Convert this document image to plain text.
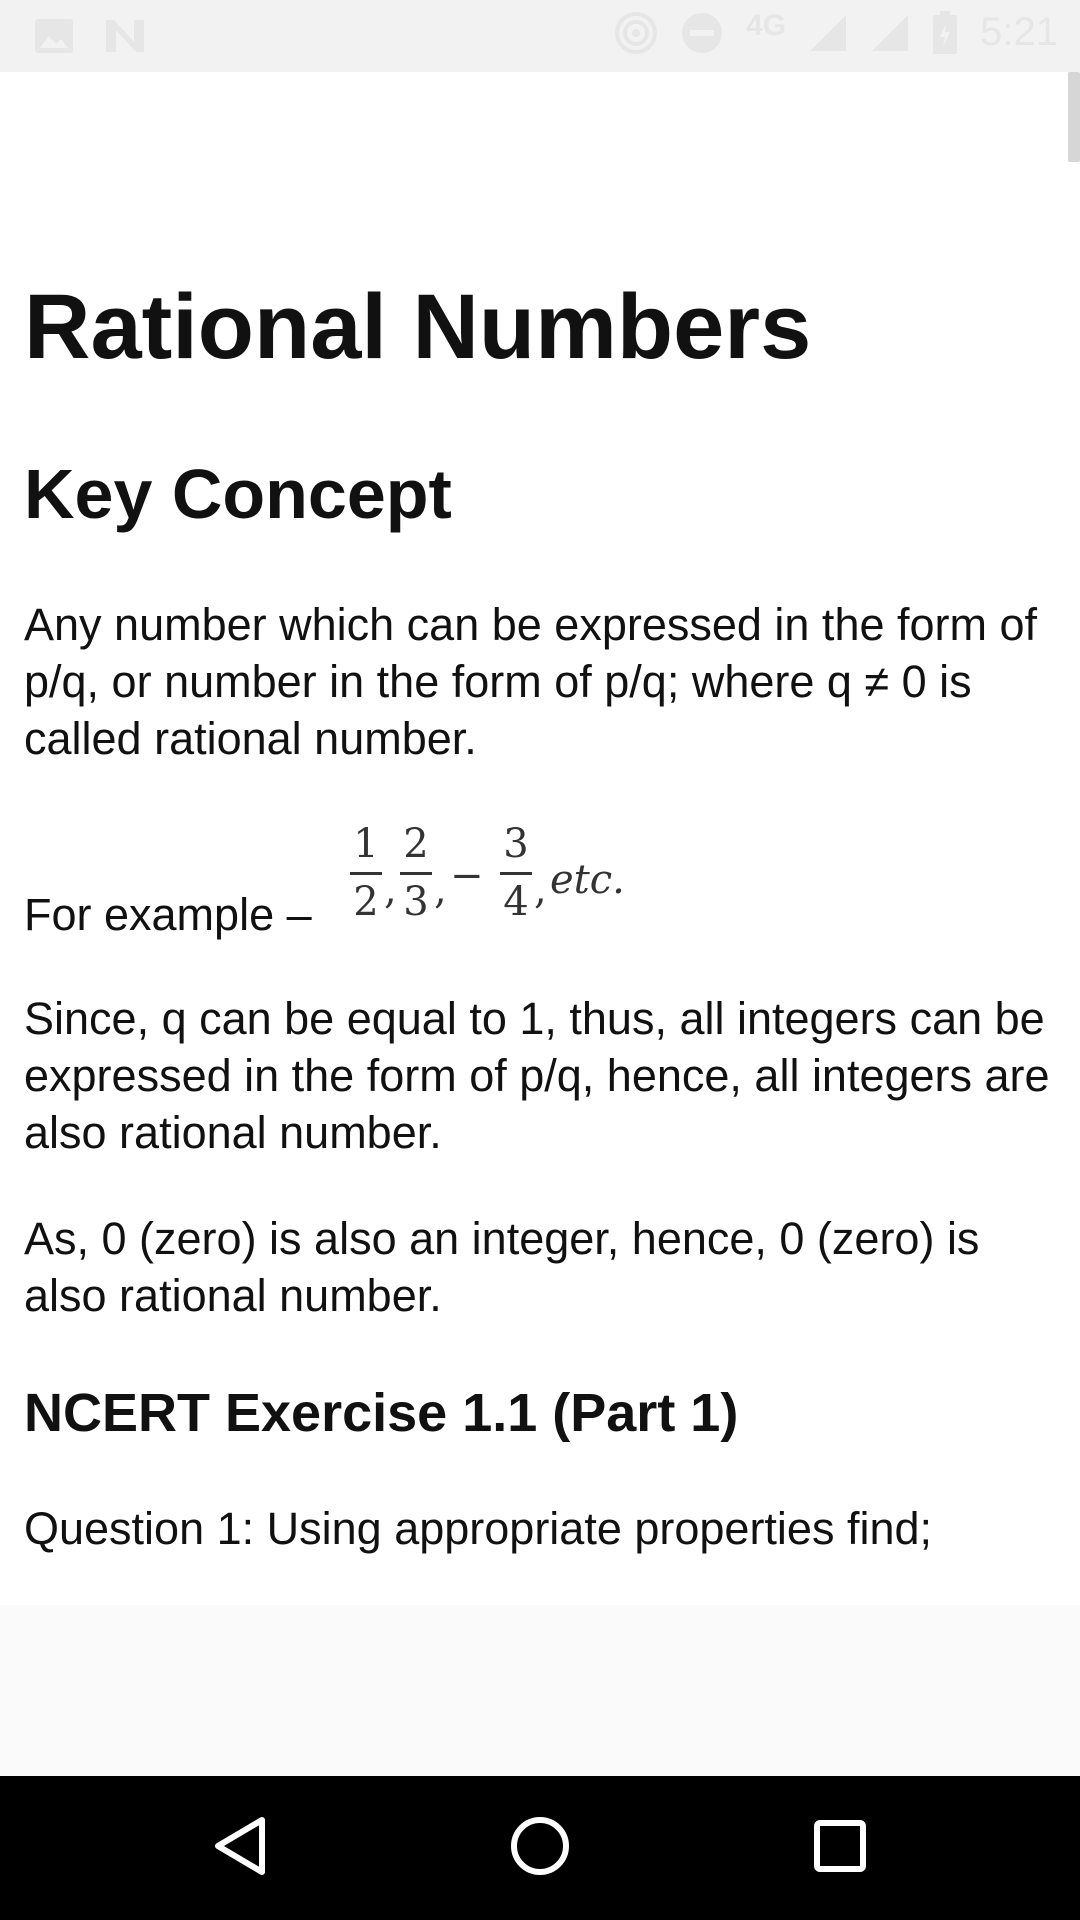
4G	5:21
Rational Numbers
Key Concept

Any number which can be expressed in the form of p/q, or number in the form of p/q; where q ≠ 0 is called rational number.

For example –
1
2 ,
2
3 , −
3
4 , etc.

Since, q can be equal to 1, thus, all integers can be expressed in the form of p/q, hence, all integers are also rational number.

As, 0 (zero) is also an integer, hence, 0 (zero) is also rational number.

NCERT Exercise 1.1 (Part 1)

Question 1: Using appropriate properties find;
